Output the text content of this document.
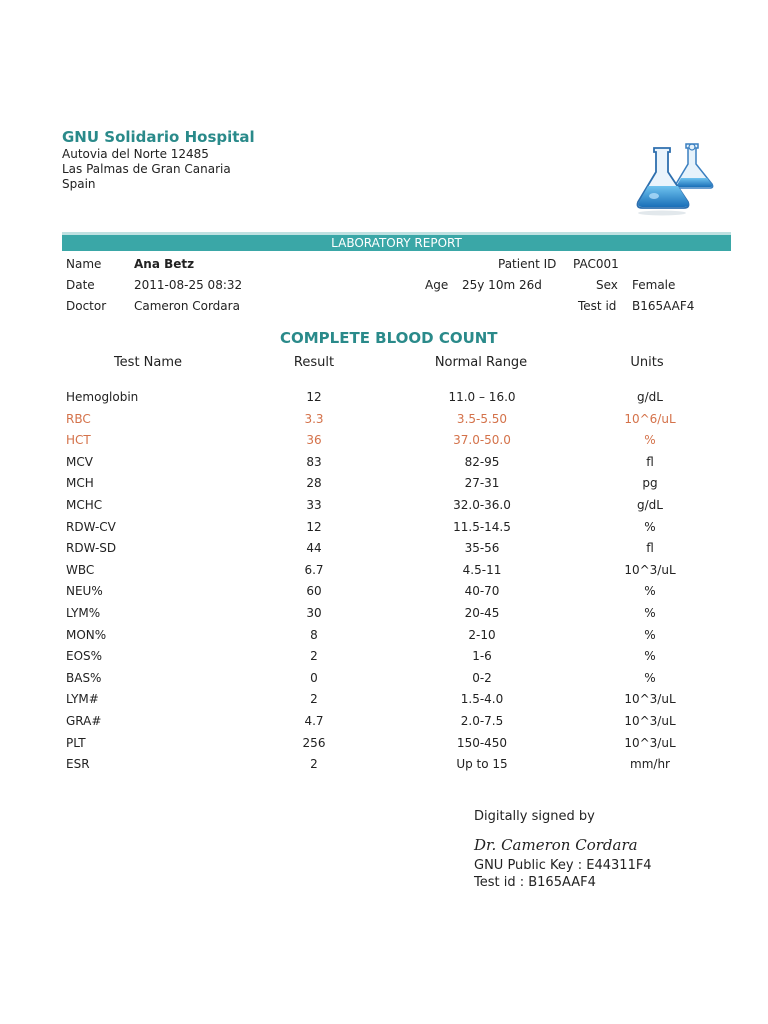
GNU Solidario Hospital
Autovia del Norte 12485
Las Palmas de Gran Canaria
Spain
LABORATORY REPORT
Name	Ana Betz
Date	2011-08-25 08:32
Doctor Cameron Cordara
Patient ID PAC001
Age 25y 10m 26d	Sex Female
Test id B165AAF4
COMPLETE BLOOD COUNT
Test Name	Result	Normal Range	Units
Hemoglobin	12	11.0 – 16.0	g/dL
RBC	3.3	3.5-5.50	10^6/uL
HCT	36	37.0-50.0	%
MCV	83	82-95	fl
MCH	28	27-31	pg
MCHC	33	32.0-36.0	g/dL
RDW-CV	12	11.5-14.5	%
RDW-SD	44	35-56	fl
WBC	6.7	4.5-11	10^3/uL
NEU%	60	40-70	%
LYM%	30	20-45	%
MON%	8	2-10	%
EOS%	2	1-6	%
BAS%	0	0-2	%
LYM#	2	1.5-4.0	10^3/uL
GRA#	4.7	2.0-7.5	10^3/uL
PLT	256	150-450	10^3/uL
ESR	2	Up to 15	mm/hr
Digitally signed by
Dr. Cameron Cordara
GNU Public Key : E44311F4
Test id : B165AAF4
